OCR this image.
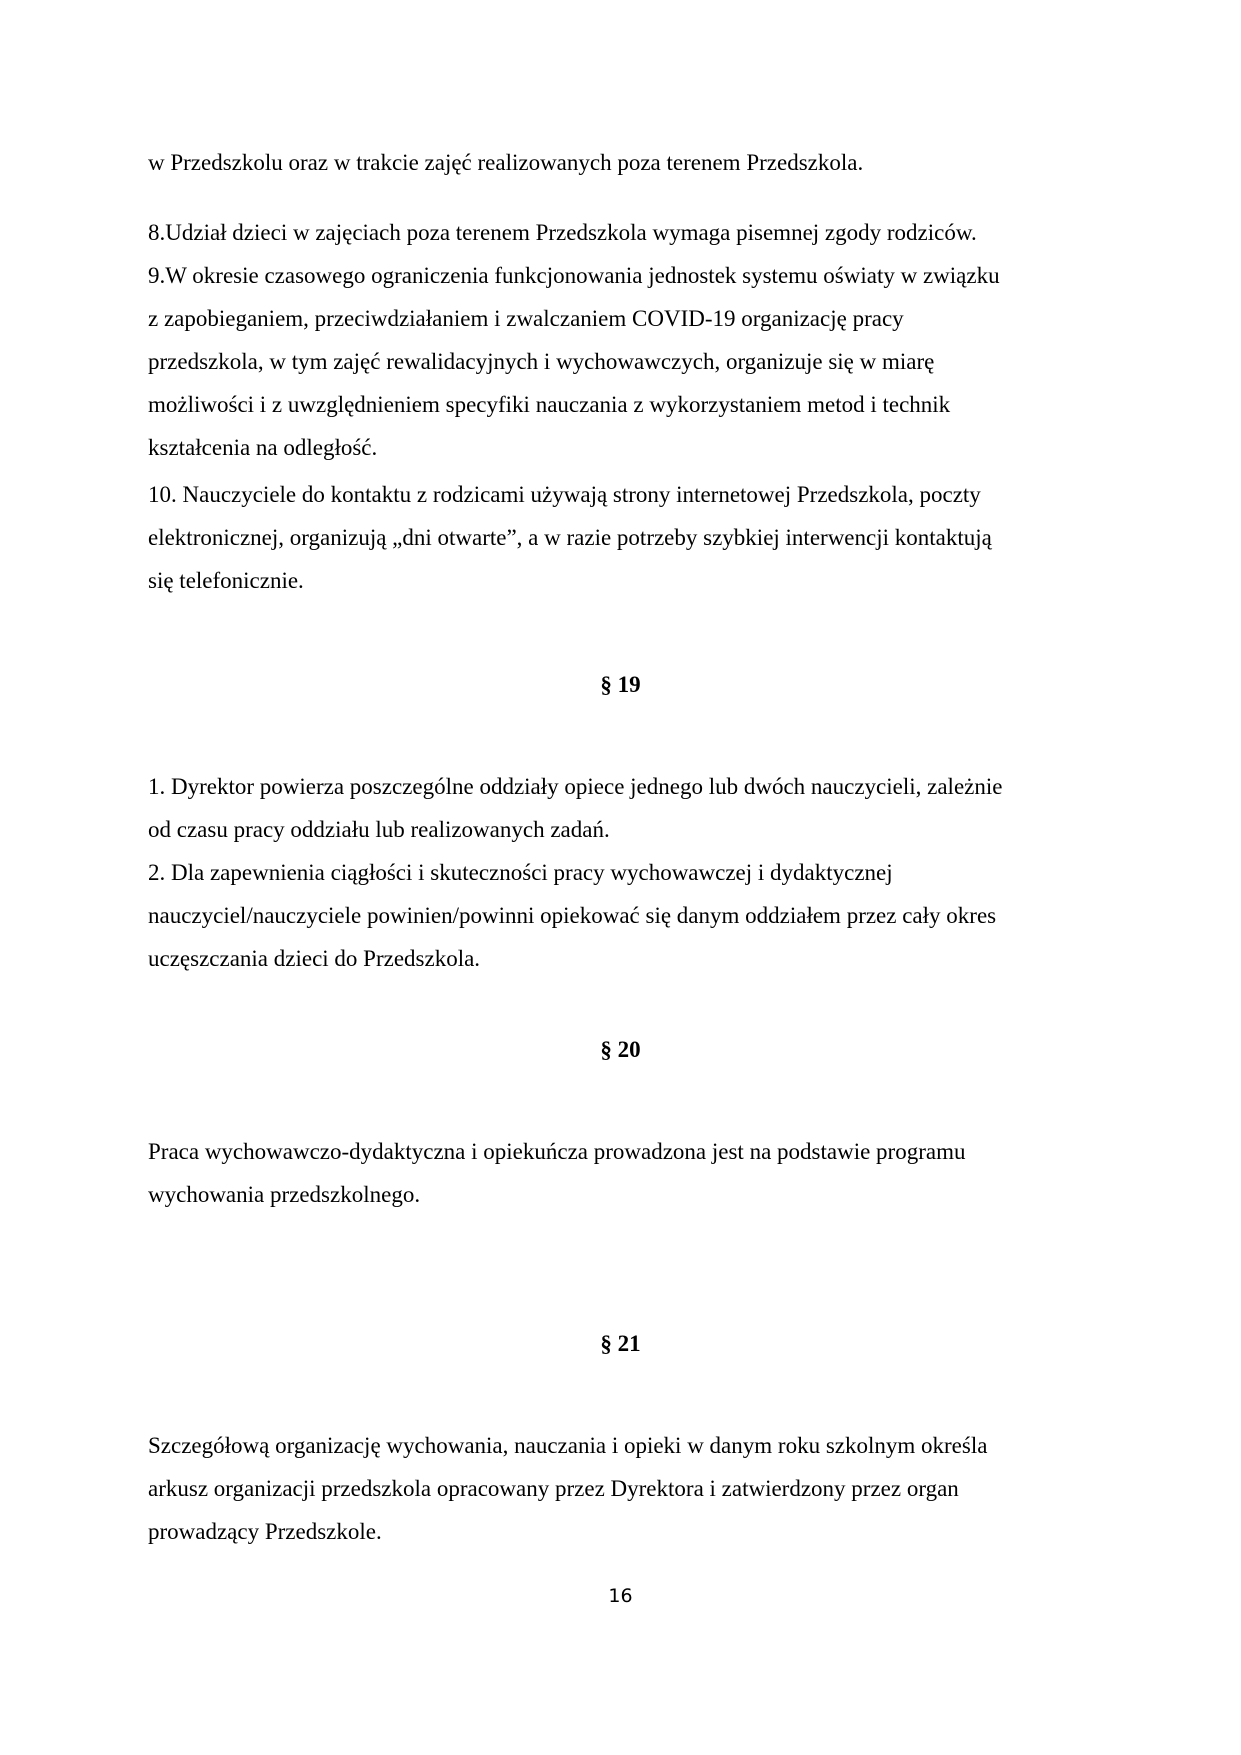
w Przedszkolu oraz w trakcie zajęć realizowanych poza terenem Przedszkola.
8.Udział dzieci w zajęciach poza terenem Przedszkola wymaga pisemnej zgody rodziców.
9.W okresie czasowego ograniczenia funkcjonowania jednostek systemu oświaty w związku
z zapobieganiem, przeciwdziałaniem i zwalczaniem COVID-19 organizację pracy
przedszkola, w tym zajęć rewalidacyjnych i wychowawczych, organizuje się w miarę
możliwości i z uwzględnieniem specyfiki nauczania z wykorzystaniem metod i technik
kształcenia na odległość.
10. Nauczyciele do kontaktu z rodzicami używają strony internetowej Przedszkola, poczty
elektronicznej, organizują „dni otwarte”, a w razie potrzeby szybkiej interwencji kontaktują
się telefonicznie.
§ 19
1. Dyrektor powierza poszczególne oddziały opiece jednego lub dwóch nauczycieli, zależnie
od czasu pracy oddziału lub realizowanych zadań.
2. Dla zapewnienia ciągłości i skuteczności pracy wychowawczej i dydaktycznej
nauczyciel/nauczyciele powinien/powinni opiekować się danym oddziałem przez cały okres
uczęszczania dzieci do Przedszkola.
§ 20
Praca wychowawczo-dydaktyczna i opiekuńcza prowadzona jest na podstawie programu
wychowania przedszkolnego.
§ 21
Szczegółową organizację wychowania, nauczania i opieki w danym roku szkolnym określa
arkusz organizacji przedszkola opracowany przez Dyrektora i zatwierdzony przez organ
prowadzący Przedszkole.
16
